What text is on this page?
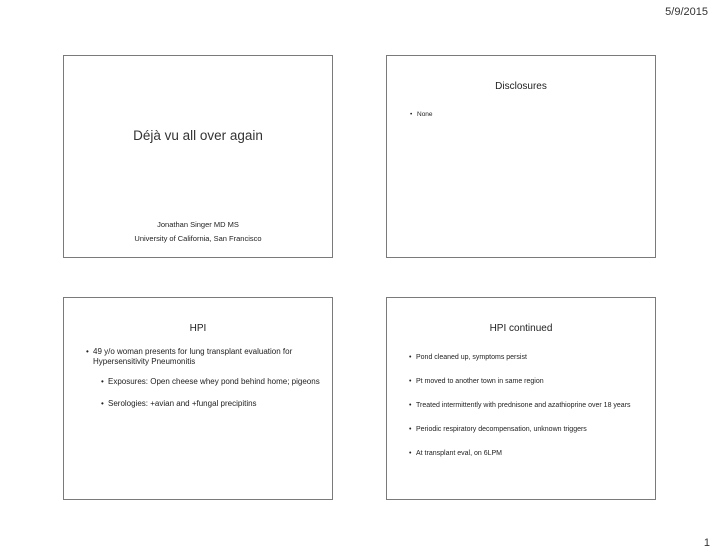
5/9/2015
Déjà vu all over again
Jonathan Singer MD MS
University of California, San Francisco
Disclosures
• None
HPI
• 49 y/o woman presents for lung transplant evaluation for Hypersensitivity Pneumonitis
• Exposures: Open cheese whey pond behind home; pigeons
• Serologies: +avian and +fungal precipitins
HPI continued
• Pond cleaned up, symptoms persist
• Pt moved to another town in same region
• Treated intermittently with prednisone and azathioprine over 18 years
• Periodic respiratory decompensation, unknown triggers
• At transplant eval, on 6LPM
1
